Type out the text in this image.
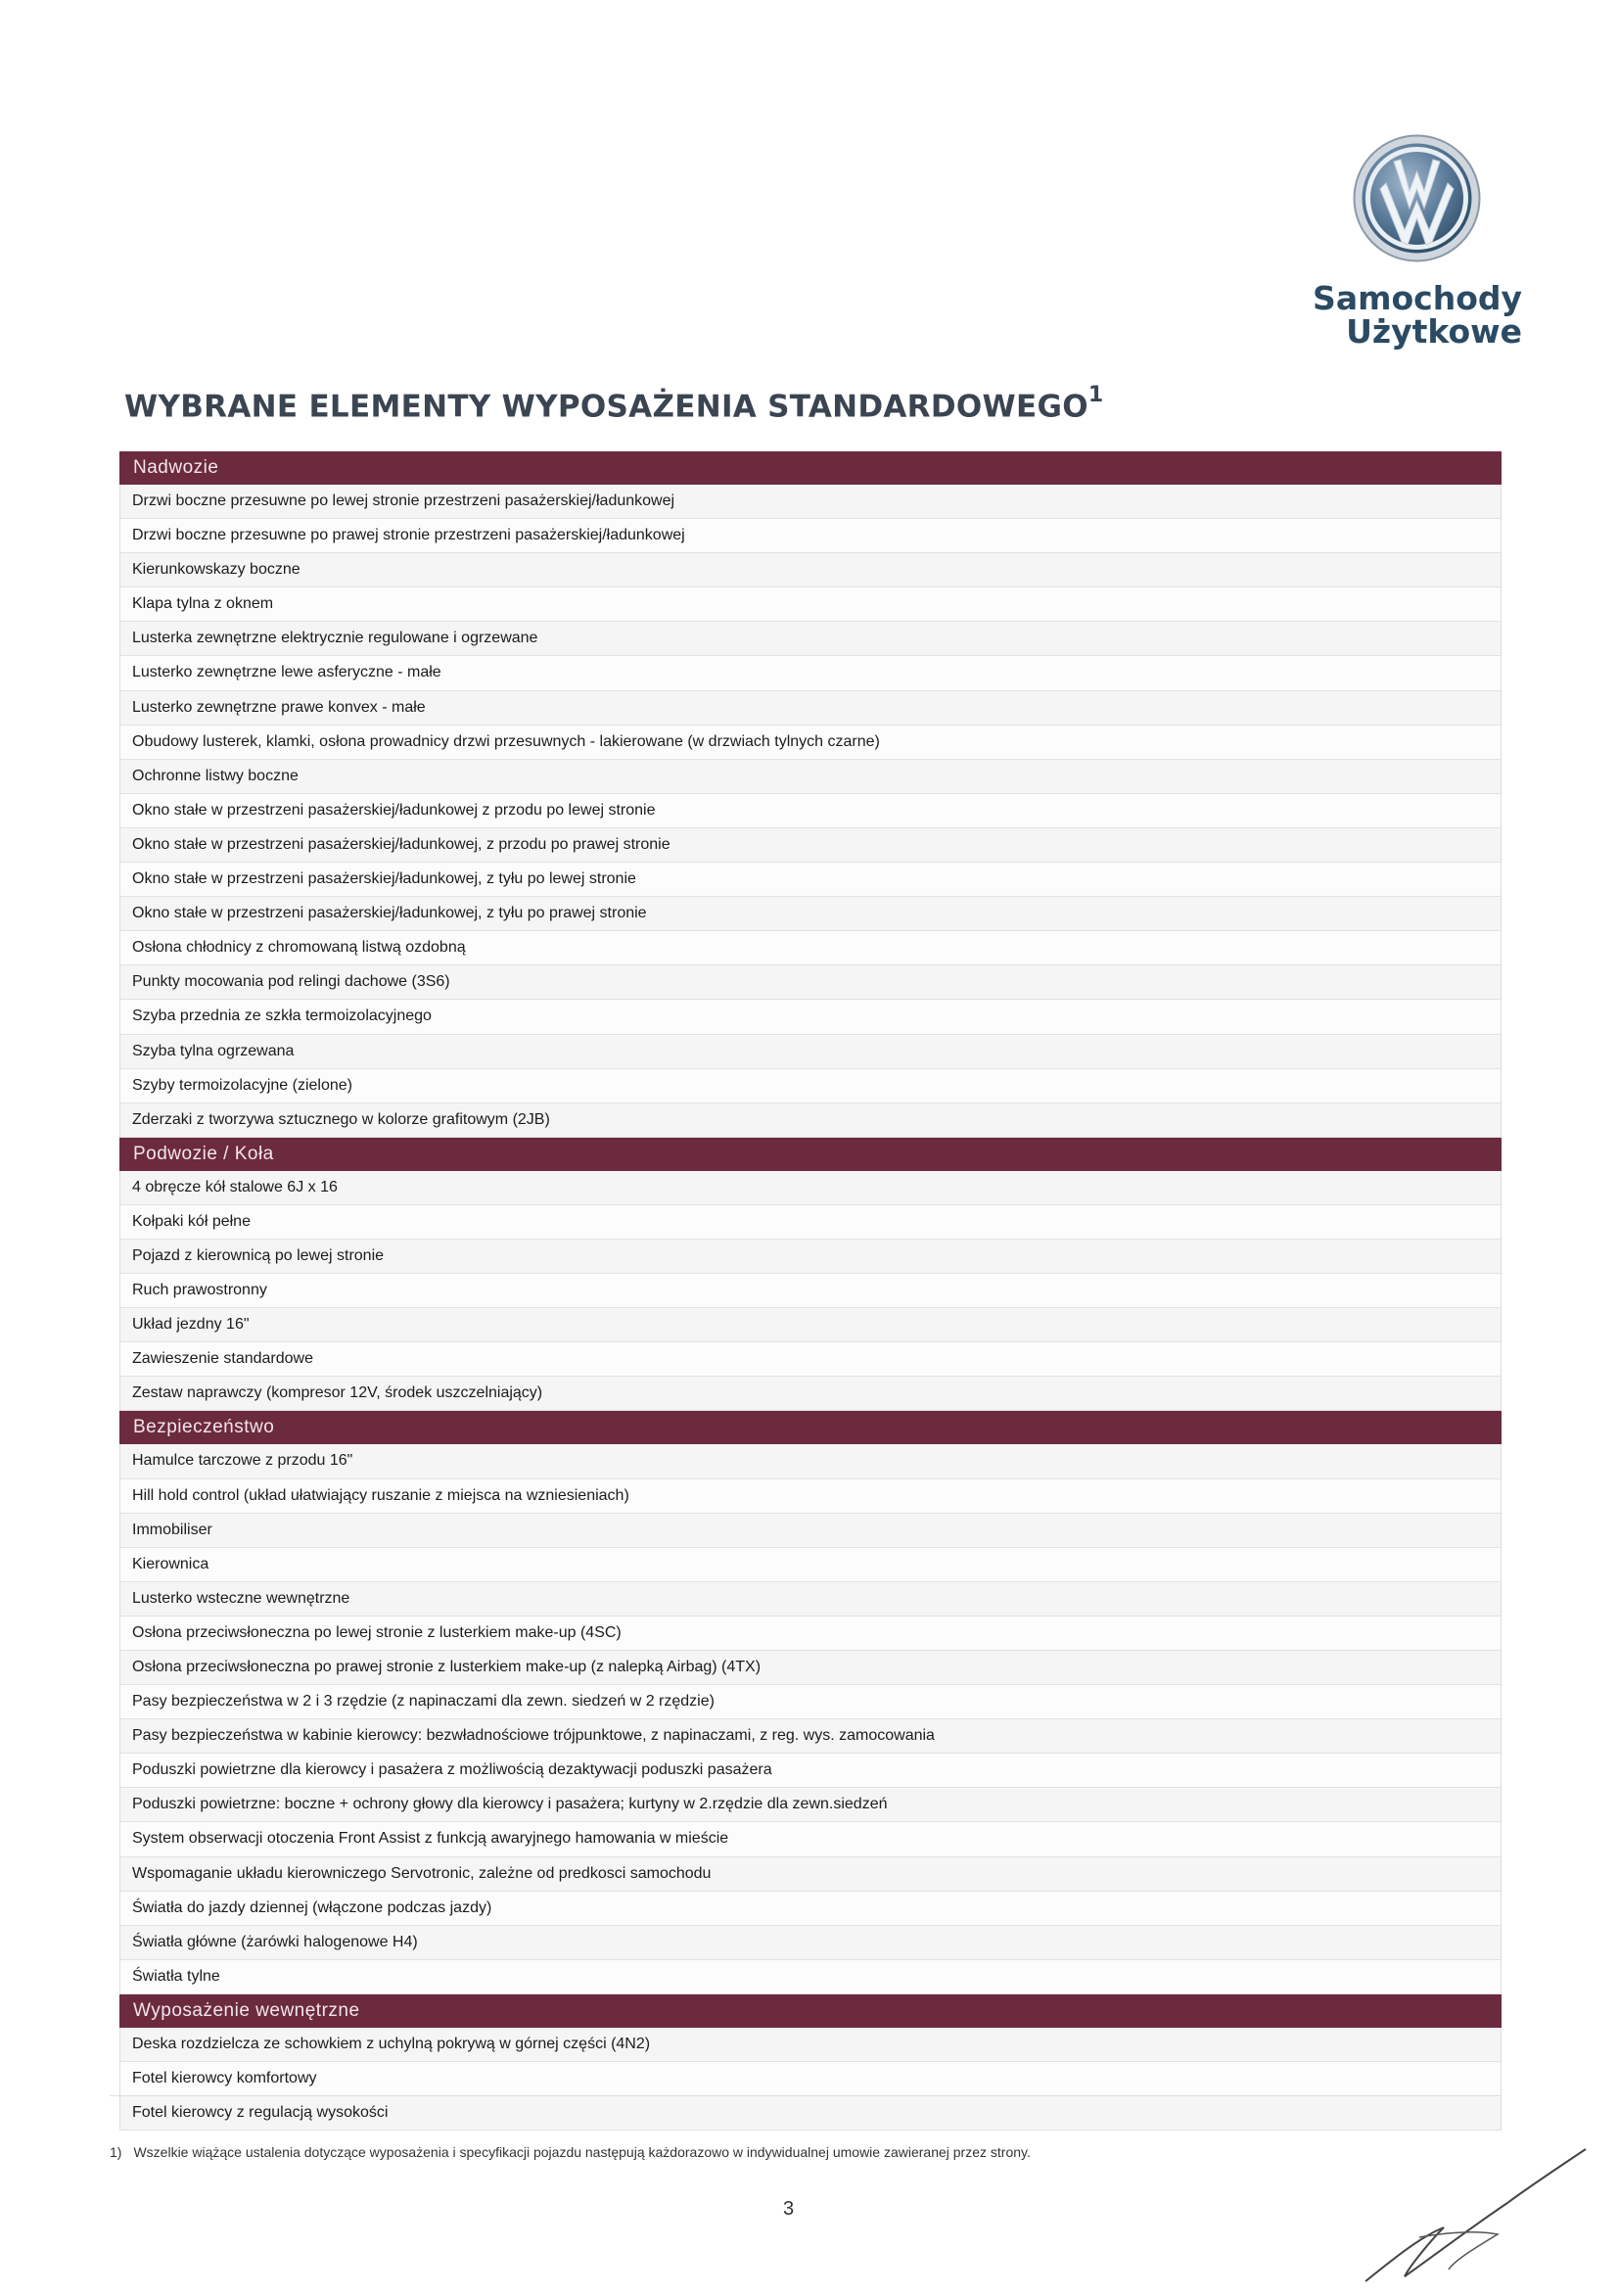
Samochody
Użytkowe
WYBRANE ELEMENTY WYPOSAŻENIA STANDARDOWEGO$^1$
Nadwozie
Drzwi boczne przesuwne po lewej stronie przestrzeni pasażerskiej/ładunkowej
Drzwi boczne przesuwne po prawej stronie przestrzeni pasażerskiej/ładunkowej
Kierunkowskazy boczne
Klapa tylna z oknem
Lusterka zewnętrzne elektrycznie regulowane i ogrzewane
Lusterko zewnętrzne lewe asferyczne - małe
Lusterko zewnętrzne prawe konvex - małe
Obudowy lusterek, klamki, osłona prowadnicy drzwi przesuwnych - lakierowane (w drzwiach tylnych czarne)
Ochronne listwy boczne
Okno stałe w przestrzeni pasażerskiej/ładunkowej z przodu po lewej stronie
Okno stałe w przestrzeni pasażerskiej/ładunkowej, z przodu po prawej stronie
Okno stałe w przestrzeni pasażerskiej/ładunkowej, z tyłu po lewej stronie
Okno stałe w przestrzeni pasażerskiej/ładunkowej, z tyłu po prawej stronie
Osłona chłodnicy z chromowaną listwą ozdobną
Punkty mocowania pod relingi dachowe (3S6)
Szyba przednia ze szkła termoizolacyjnego
Szyba tylna ogrzewana
Szyby termoizolacyjne (zielone)
Zderzaki z tworzywa sztucznego w kolorze grafitowym (2JB)
Podwozie / Koła
4 obręcze kół stalowe 6J x 16
Kołpaki kół pełne
Pojazd z kierownicą po lewej stronie
Ruch prawostronny
Układ jezdny 16"
Zawieszenie standardowe
Zestaw naprawczy (kompresor 12V, środek uszczelniający)
Bezpieczeństwo
Hamulce tarczowe z przodu 16"
Hill hold control (układ ułatwiający ruszanie z miejsca na wzniesieniach)
Immobiliser
Kierownica
Lusterko wsteczne wewnętrzne
Osłona przeciwsłoneczna po lewej stronie z lusterkiem make-up (4SC)
Osłona przeciwsłoneczna po prawej stronie z lusterkiem make-up (z nalepką Airbag) (4TX)
Pasy bezpieczeństwa w 2 i 3 rzędzie (z napinaczami dla zewn. siedzeń w 2 rzędzie)
Pasy bezpieczeństwa w kabinie kierowcy: bezwładnościowe trójpunktowe, z napinaczami, z reg. wys. zamocowania
Poduszki powietrzne dla kierowcy i pasażera z możliwością dezaktywacji poduszki pasażera
Poduszki powietrzne: boczne + ochrony głowy dla kierowcy i pasażera; kurtyny w 2.rzędzie dla zewn.siedzeń
System obserwacji otoczenia Front Assist z funkcją awaryjnego hamowania w mieście
Wspomaganie układu kierowniczego Servotronic, zależne od predkosci samochodu
Światła do jazdy dziennej (włączone podczas jazdy)
Światła główne (żarówki halogenowe H4)
Światła tylne
Wyposażenie wewnętrzne
Deska rozdzielcza ze schowkiem z uchylną pokrywą w górnej części (4N2)
Fotel kierowcy komfortowy
Fotel kierowcy z regulacją wysokości
1) Wszelkie wiążące ustalenia dotyczące wyposażenia i specyfikacji pojazdu następują każdorazowo w indywidualnej umowie zawieranej przez strony.
3
